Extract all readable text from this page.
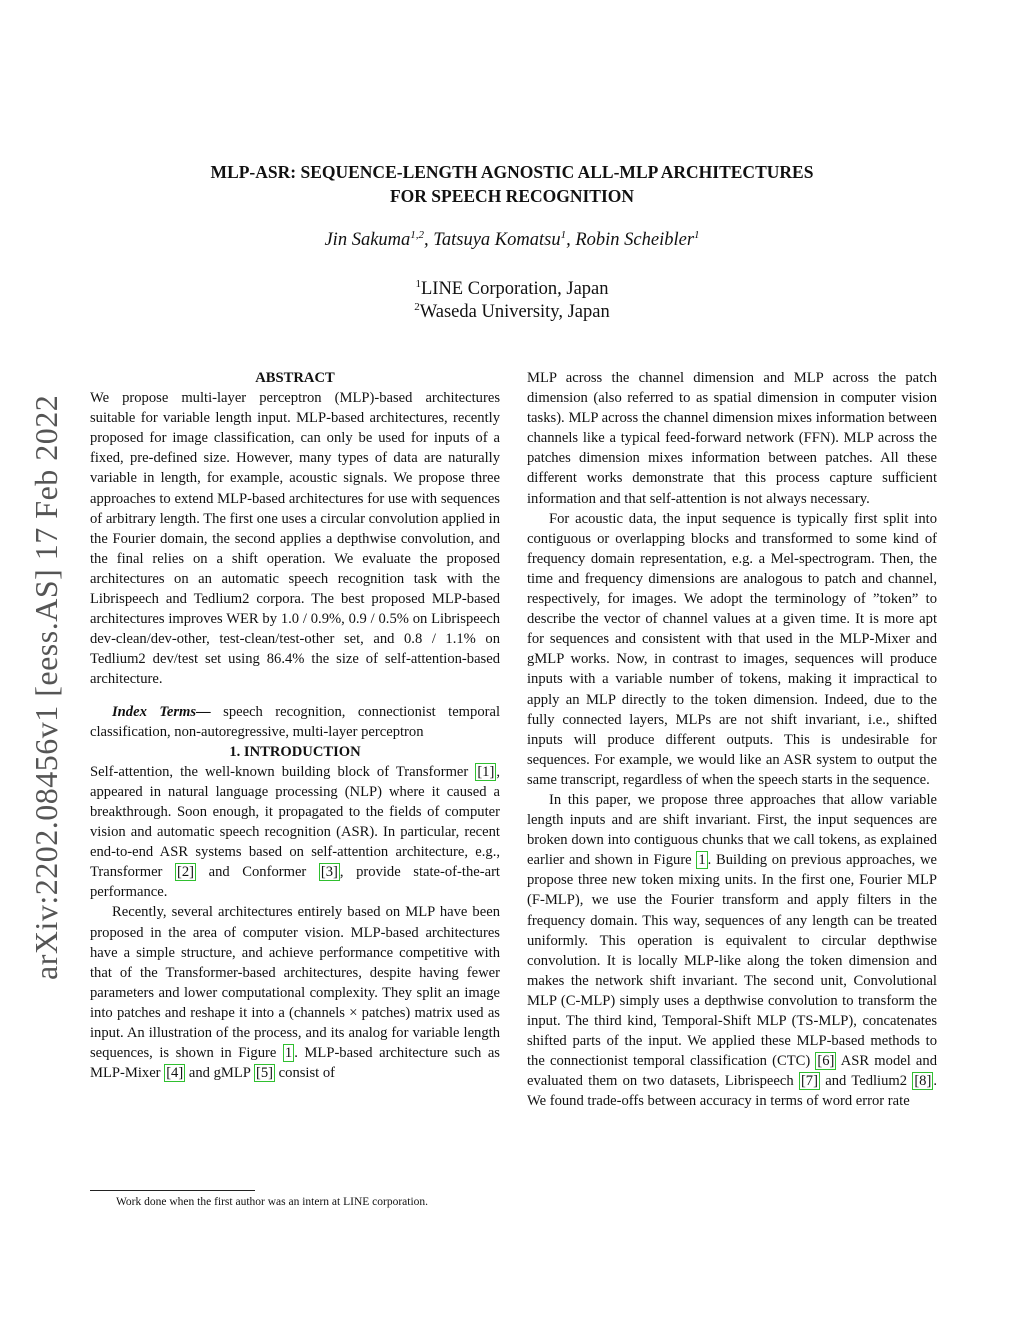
arXiv:2202.08456v1 [eess.AS] 17 Feb 2022
MLP-ASR: SEQUENCE-LENGTH AGNOSTIC ALL-MLP ARCHITECTURES
FOR SPEECH RECOGNITION
Jin Sakuma$^{1,2}$, Tatsuya Komatsu$^1$, Robin Scheibler$^1$
$^1$LINE Corporation, Japan
$^2$Waseda University, Japan

ABSTRACT

We propose multi-layer perceptron (MLP)-based architectures suitable for variable length input. MLP-based architectures, recently proposed for image classification, can only be used for inputs of a fixed, pre-defined size. However, many types of data are naturally variable in length, for example, acoustic signals. We propose three approaches to extend MLP-based architectures for use with sequences of arbitrary length. The first one uses a circular convolution applied in the Fourier domain, the second applies a depthwise convolution, and the final relies on a shift operation. We evaluate the proposed architectures on an automatic speech recognition task with the Librispeech and Tedlium2 corpora. The best proposed MLP-based architectures improves WER by 1.0 / 0.9%, 0.9 / 0.5% on Librispeech dev-clean/dev-other, test-clean/test-other set, and 0.8 / 1.1% on Tedlium2 dev/test set using 86.4% the size of self-attention-based architecture.

Index Terms— speech recognition, connectionist temporal classification, non-autoregressive, multi-layer perceptron

1. INTRODUCTION

Self-attention, the well-known building block of Transformer [1] , appeared in natural language processing (NLP) where it caused a breakthrough. Soon enough, it propagated to the fields of computer vision and automatic speech recognition (ASR). In particular, recent end-to-end ASR systems based on self-attention architecture, e.g., Transformer [2] and Conformer [3] , provide state-of-the-art performance.

Recently, several architectures entirely based on MLP have been proposed in the area of computer vision. MLP-based architectures have a simple structure, and achieve performance competitive with that of the Transformer-based architectures, despite having fewer parameters and lower computational complexity. They split an image into patches and reshape it into a (channels × patches) matrix used as input. An illustration of the process, and its analog for variable length sequences, is shown in Figure 1 . MLP-based architecture such as MLP-Mixer [4] and gMLP [5] consist of

MLP across the channel dimension and MLP across the patch dimension (also referred to as spatial dimension in computer vision tasks). MLP across the channel dimension mixes information between channels like a typical feed-forward network (FFN). MLP across the patches dimension mixes information between patches. All these different works demonstrate that this process capture sufficient information and that self-attention is not always necessary.

For acoustic data, the input sequence is typically first split into contiguous or overlapping blocks and transformed to some kind of frequency domain representation, e.g. a Mel-spectrogram. Then, the time and frequency dimensions are analogous to patch and channel, respectively, for images. We adopt the terminology of ”token” to describe the vector of channel values at a given time. It is more apt for sequences and consistent with that used in the MLP-Mixer and gMLP works. Now, in contrast to images, sequences will produce inputs with a variable number of tokens, making it impractical to apply an MLP directly to the token dimension. Indeed, due to the fully connected layers, MLPs are not shift invariant, i.e., shifted inputs will produce different outputs. This is undesirable for sequences. For example, we would like an ASR system to output the same transcript, regardless of when the speech starts in the sequence.

In this paper, we propose three approaches that allow variable length inputs and are shift invariant. First, the input sequences are broken down into contiguous chunks that we call tokens, as explained earlier and shown in Figure 1 . Building on previous approaches, we propose three new token mixing units. In the first one, Fourier MLP (F-MLP), we use the Fourier transform and apply filters in the frequency domain. This way, sequences of any length can be treated uniformly. This operation is equivalent to circular depthwise convolution. It is locally MLP-like along the token dimension and makes the network shift invariant. The second unit, Convolutional MLP (C-MLP) simply uses a depthwise convolution to transform the input. The third kind, Temporal-Shift MLP (TS-MLP), concatenates shifted parts of the input. We applied these MLP-based methods to the connectionist temporal classification (CTC) [6] ASR model and evaluated them on two datasets, Librispeech [7] and Tedlium2 [8] . We found trade-offs between accuracy in terms of word error rate

Work done when the first author was an intern at LINE corporation.
